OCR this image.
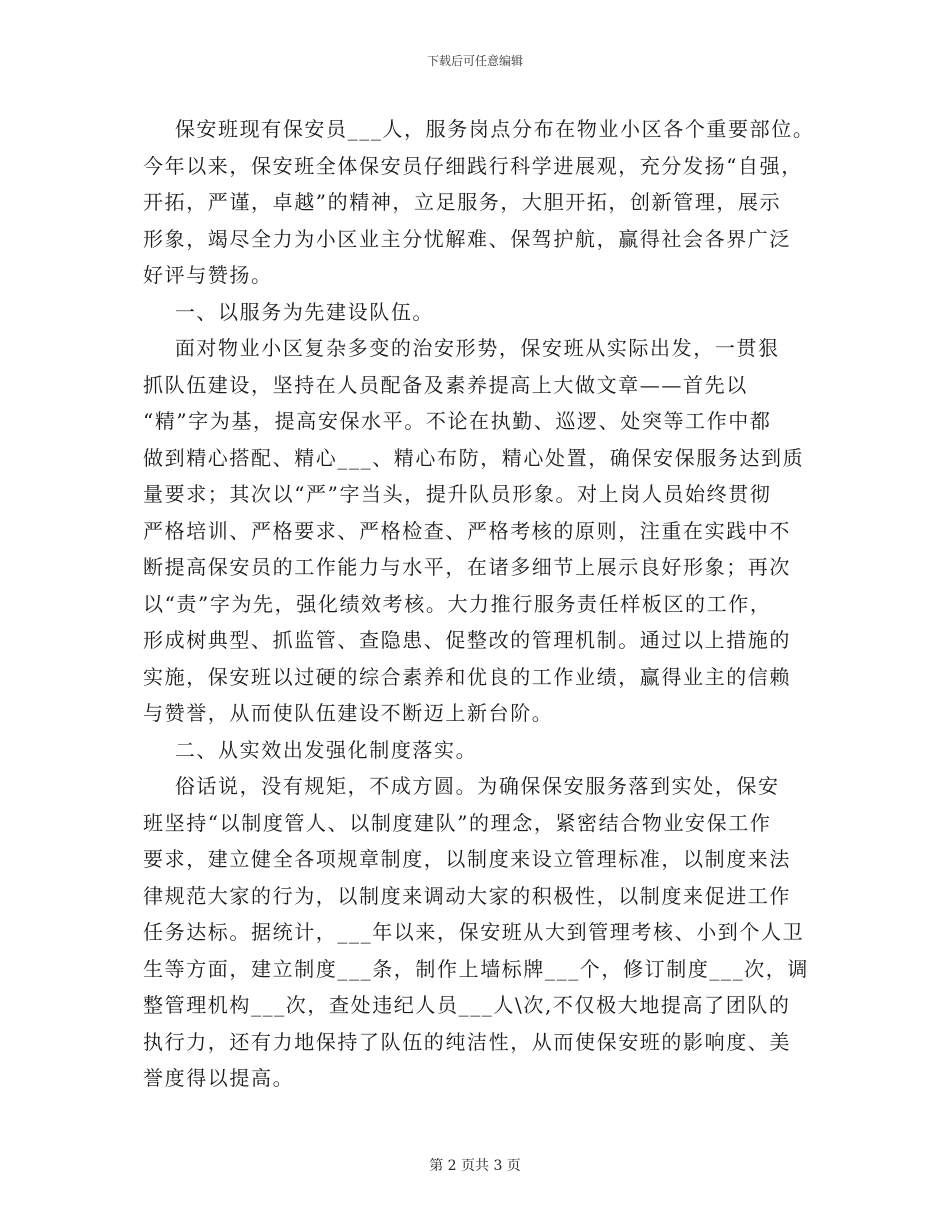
下载后可任意编辑
保安班现有保安员___人，服务岗点分布在物业小区各个重要部位。
今年以来，保安班全体保安员仔细践行科学进展观，充分发扬“自强，
开拓，严谨，卓越”的精神，立足服务，大胆开拓，创新管理，展示
形象，竭尽全力为小区业主分忧解难、保驾护航，赢得社会各界广泛
好评与赞扬。
一、以服务为先建设队伍。
面对物业小区复杂多变的治安形势，保安班从实际出发，一贯狠
抓队伍建设，坚持在人员配备及素养提高上大做文章——首先以
“精”字为基，提高安保水平。不论在执勤、巡逻、处突等工作中都
做到精心搭配、精心___、精心布防，精心处置，确保安保服务达到质
量要求；其次以“严”字当头，提升队员形象。对上岗人员始终贯彻
严格培训、严格要求、严格检查、严格考核的原则，注重在实践中不
断提高保安员的工作能力与水平，在诸多细节上展示良好形象；再次
以“责”字为先，强化绩效考核。大力推行服务责任样板区的工作，
形成树典型、抓监管、查隐患、促整改的管理机制。通过以上措施的
实施，保安班以过硬的综合素养和优良的工作业绩，赢得业主的信赖
与赞誉，从而使队伍建设不断迈上新台阶。
二、从实效出发强化制度落实。
俗话说，没有规矩，不成方圆。为确保保安服务落到实处，保安
班坚持“以制度管人、以制度建队”的理念，紧密结合物业安保工作
要求，建立健全各项规章制度，以制度来设立管理标准，以制度来法
律规范大家的行为，以制度来调动大家的积极性，以制度来促进工作
任务达标。据统计，___年以来，保安班从大到管理考核、小到个人卫
生等方面，建立制度___条，制作上墙标牌___个，修订制度___次，调
整管理机构___次，查处违纪人员___人\次,不仅极大地提高了团队的
执行力，还有力地保持了队伍的纯洁性，从而使保安班的影响度、美
誉度得以提高。
第 2 页共 3 页
